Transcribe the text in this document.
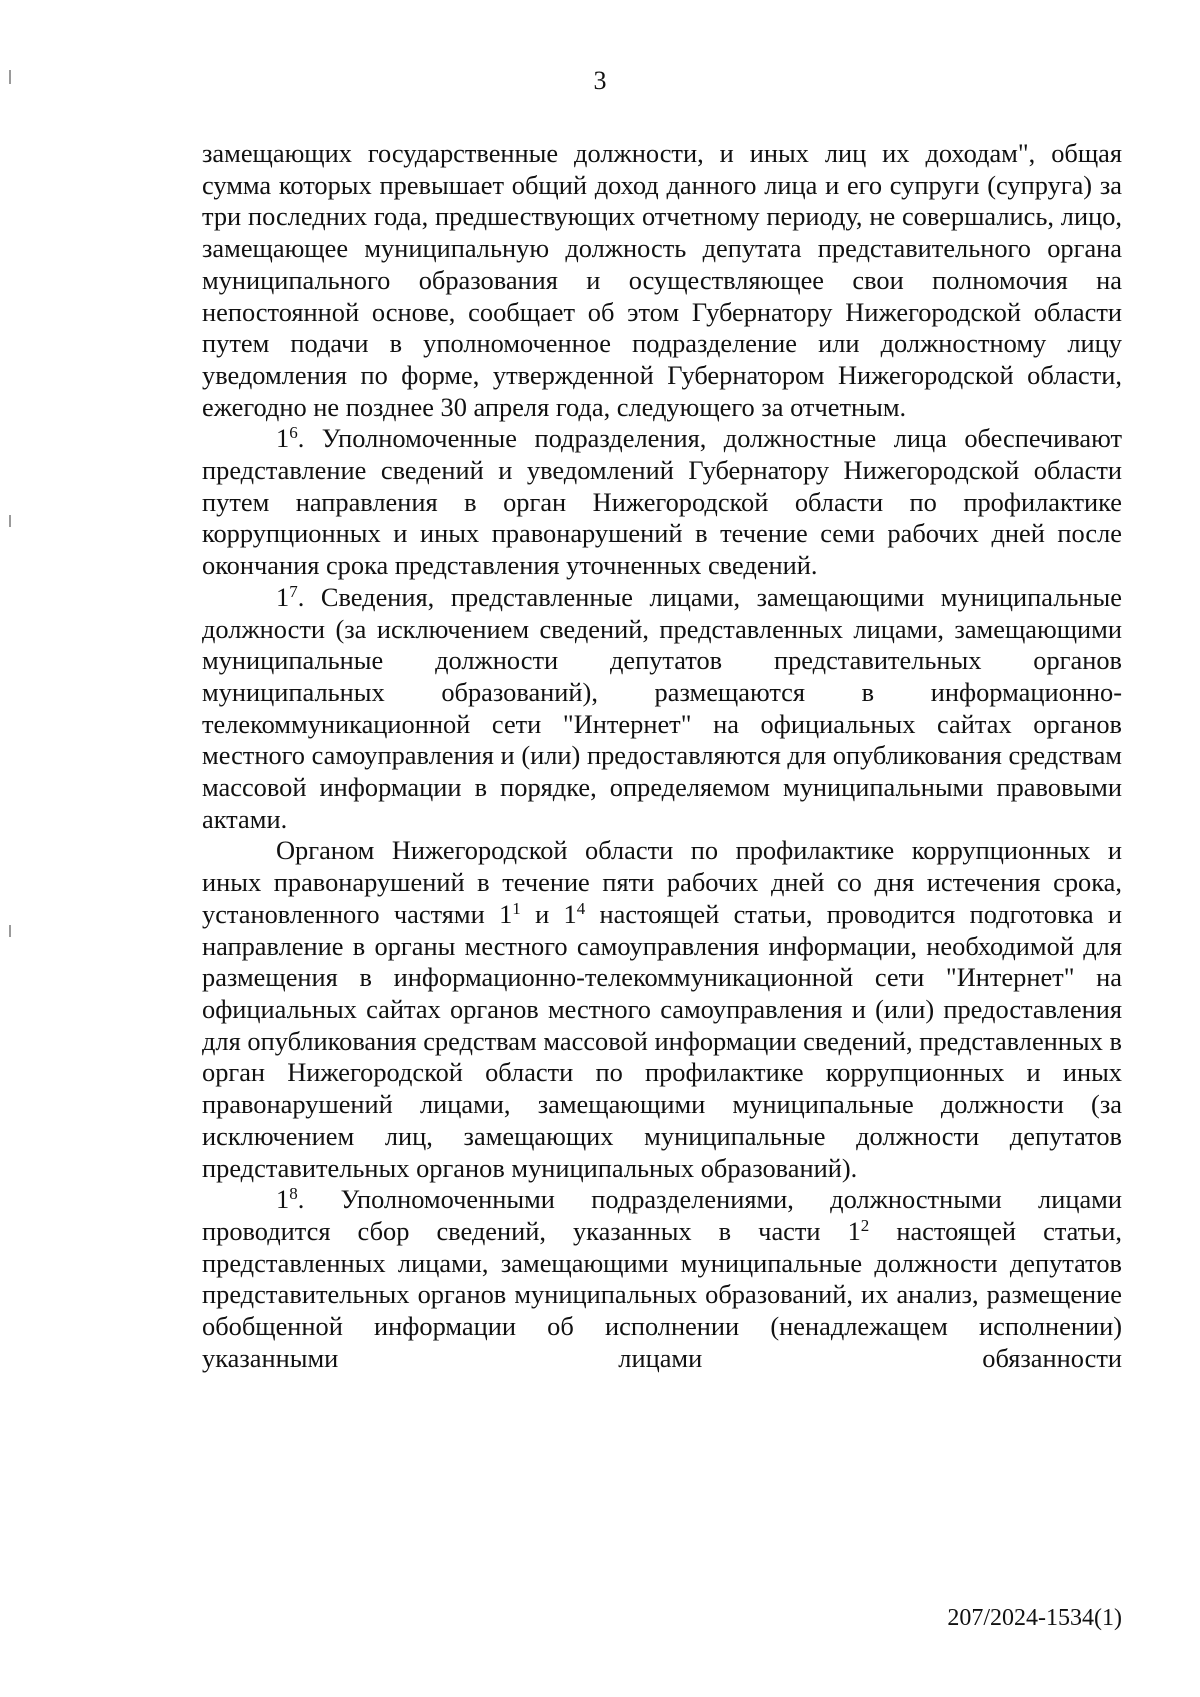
3

замещающих государственные должности, и иных лиц их доходам", общая сумма которых превышает общий доход данного лица и его супруги (супруга) за три последних года, предшествующих отчетному периоду, не совершались, лицо, замещающее муниципальную должность депутата представительного органа муниципального образования и осуществляющее свои полномочия на непостоянной основе, сообщает об этом Губернатору Нижегородской области путем подачи в уполномоченное подразделение или должностному лицу уведомления по форме, утвержденной Губернатором Нижегородской области, ежегодно не позднее 30 апреля года, следующего за отчетным.

$1^6$. Уполномоченные подразделения, должностные лица обеспечивают представление сведений и уведомлений Губернатору Нижегородской области путем направления в орган Нижегородской области по профилактике коррупционных и иных правонарушений в течение семи рабочих дней после окончания срока представления уточненных сведений.

$1^7$. Сведения, представленные лицами, замещающими муниципальные должности (за исключением сведений, представленных лицами, замещающими муниципальные должности депутатов представительных органов муниципальных образований), размещаются в информационно-телекоммуникационной сети "Интернет" на официальных сайтах органов местного самоуправления и (или) предоставляются для опубликования средствам массовой информации в порядке, определяемом муниципальными правовыми актами.

Органом Нижегородской области по профилактике коррупционных и иных правонарушений в течение пяти рабочих дней со дня истечения срока, установленного частями $1^1$ и $1^4$ настоящей статьи, проводится подготовка и направление в органы местного самоуправления информации, необходимой для размещения в информационно-телекоммуникационной сети "Интернет" на официальных сайтах органов местного самоуправления и (или) предоставления для опубликования средствам массовой информации сведений, представленных в орган Нижегородской области по профилактике коррупционных и иных правонарушений лицами, замещающими муниципальные должности (за исключением лиц, замещающих муниципальные должности депутатов представительных органов муниципальных образований).

$1^8$. Уполномоченными подразделениями, должностными лицами проводится сбор сведений, указанных в части $1^2$ настоящей статьи, представленных лицами, замещающими муниципальные должности депутатов представительных органов муниципальных образований, их анализ, размещение обобщенной информации об исполнении (ненадлежащем исполнении) указанными лицами обязанности

207/2024-1534(1)
